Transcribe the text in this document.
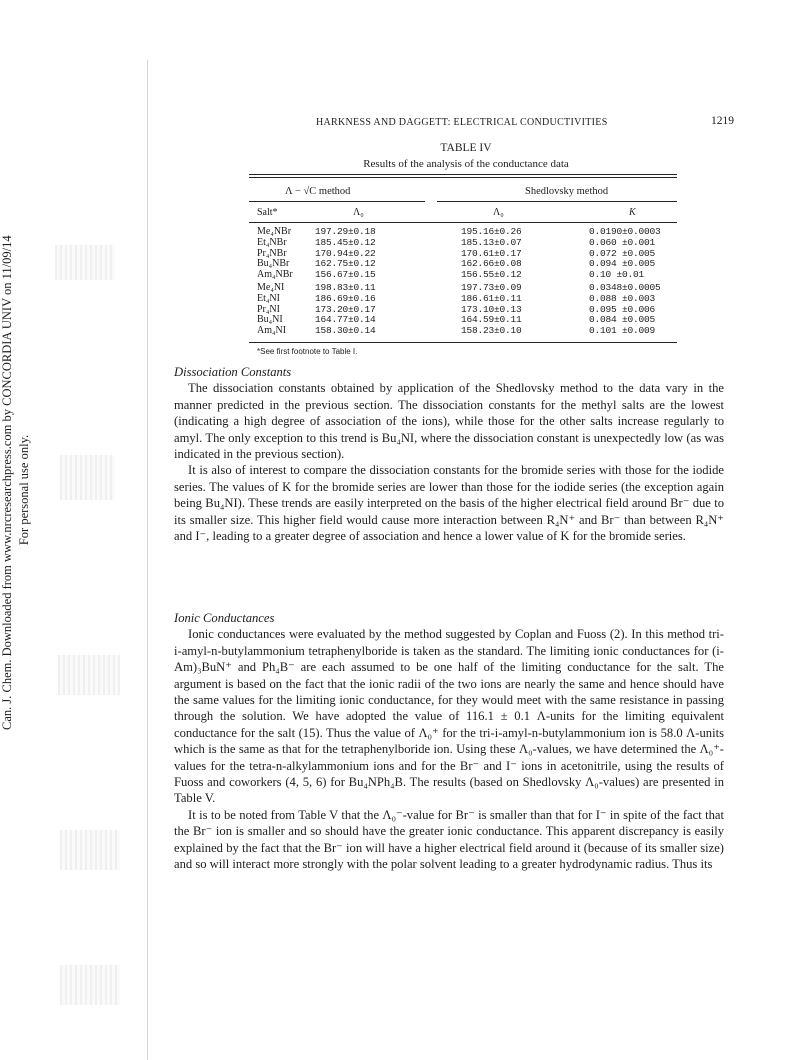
Can. J. Chem. Downloaded from www.nrcresearchpress.com by CONCORDIA UNIV on 11/09/14 For personal use only.
HARKNESS AND DAGGETT: ELECTRICAL CONDUCTIVITIES	1219
TABLE IV
Results of the analysis of the conductance data
Λ − √C method	Shedlovsky method
Salt*	Λ₀	Λ₀	K
Me₄NBr	197.29±0.18	195.16±0.26	0.0190±0.0003
Et₄NBr	185.45±0.12	185.13±0.07	0.060 ±0.001
Pr₄NBr	170.94±0.22	170.61±0.17	0.072 ±0.005
Bu₄NBr	162.75±0.12	162.66±0.08	0.094 ±0.005
Am₄NBr 156.67±0.15	156.55±0.12	0.10 ±0.01
Me₄NI	198.83±0.11	197.73±0.09	0.0348±0.0005
Et₄NI	186.69±0.16	186.61±0.11	0.088 ±0.003
Pr₄NI	173.20±0.17	173.10±0.13	0.095 ±0.006
Bu₄NI	164.77±0.14	164.59±0.11	0.084 ±0.005
Am₄NI	158.30±0.14	158.23±0.10	0.101 ±0.009
*See first footnote to Table I.
Dissociation Constants

The dissociation constants obtained by application of the Shedlovsky method to the data vary in the manner predicted in the previous section. The dissociation constants for the methyl salts are the lowest (indicating a high degree of association of the ions), while those for the other salts increase regularly to amyl. The only exception to this trend is Bu₄NI, where the dissociation constant is unexpectedly low (as was indicated in the previous section).

It is also of interest to compare the dissociation constants for the bromide series with those for the iodide series. The values of K for the bromide series are lower than those for the iodide series (the exception again being Bu₄NI). These trends are easily interpreted on the basis of the higher electrical field around Br⁻ due to its smaller size. This higher field would cause more interaction between R₄N⁺ and Br⁻ than between R₄N⁺ and I⁻, leading to a greater degree of association and hence a lower value of K for the bromide series.

Ionic Conductances

Ionic conductances were evaluated by the method suggested by Coplan and Fuoss (2). In this method tri-i-amyl-n-butylammonium tetraphenylboride is taken as the standard. The limiting ionic conductances for (i-Am)₃BuN⁺ and Ph₄B⁻ are each assumed to be one half of the limiting conductance for the salt. The argument is based on the fact that the ionic radii of the two ions are nearly the same and hence should have the same values for the limiting ionic conductance, for they would meet with the same resistance in passing through the solution. We have adopted the value of 116.1 ± 0.1 Λ-units for the limiting equivalent conductance for the salt (15). Thus the value of Λ₀⁺ for the tri-i-amyl-n-butylammonium ion is 58.0 Λ-units which is the same as that for the tetraphenylboride ion. Using these Λ₀-values, we have determined the Λ₀⁺-values for the tetra-n-alkylammonium ions and for the Br⁻ and I⁻ ions in acetonitrile, using the results of Fuoss and coworkers (4, 5, 6) for Bu₄NPh₄B. The results (based on Shedlovsky Λ₀-values) are presented in Table V.

It is to be noted from Table V that the Λ₀⁻-value for Br⁻ is smaller than that for I⁻ in spite of the fact that the Br⁻ ion is smaller and so should have the greater ionic conductance. This apparent discrepancy is easily explained by the fact that the Br⁻ ion will have a higher electrical field around it (because of its smaller size) and so will interact more strongly with the polar solvent leading to a greater hydrodynamic radius. Thus its
